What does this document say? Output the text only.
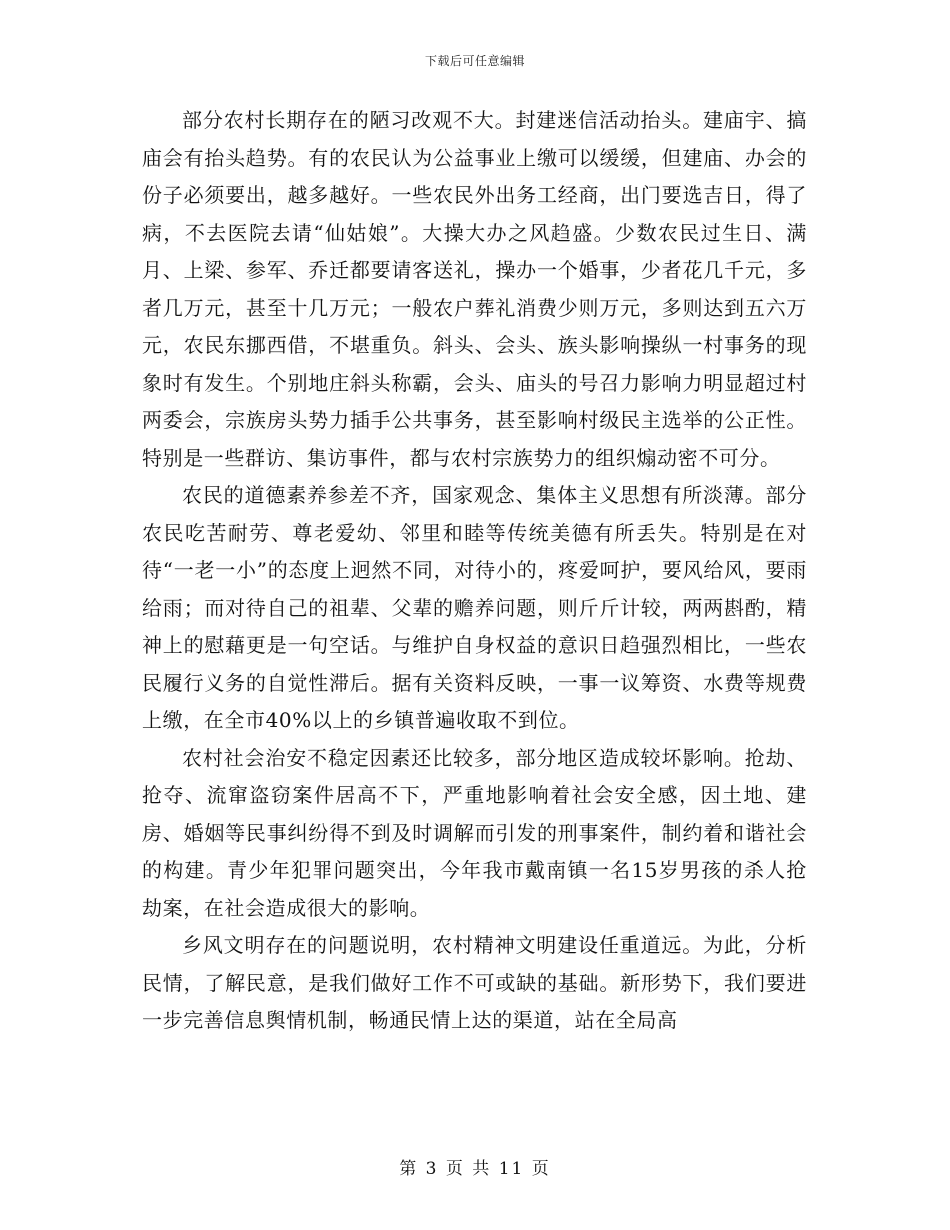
下载后可任意编辑

部分农村长期存在的陋习改观不大。封建迷信活动抬头。建庙宇、搞庙会有抬头趋势。有的农民认为公益事业上缴可以缓缓，但建庙、办会的份子必须要出，越多越好。一些农民外出务工经商，出门要选吉日，得了病，不去医院去请“仙姑娘”。大操大办之风趋盛。少数农民过生日、满月、上梁、参军、乔迁都要请客送礼，操办一个婚事，少者花几千元，多者几万元，甚至十几万元；一般农户葬礼消费少则万元，多则达到五六万元，农民东挪西借，不堪重负。斜头、会头、族头影响操纵一村事务的现象时有发生。个别地庄斜头称霸，会头、庙头的号召力影响力明显超过村两委会，宗族房头势力插手公共事务，甚至影响村级民主选举的公正性。特别是一些群访、集访事件，都与农村宗族势力的组织煽动密不可分。

农民的道德素养参差不齐，国家观念、集体主义思想有所淡薄。部分农民吃苦耐劳、尊老爱幼、邻里和睦等传统美德有所丢失。特别是在对待“一老一小”的态度上迥然不同，对待小的，疼爱呵护，要风给风，要雨给雨；而对待自己的祖辈、父辈的赡养问题，则斤斤计较，两两斟酌，精神上的慰藉更是一句空话。与维护自身权益的意识日趋强烈相比，一些农民履行义务的自觉性滞后。据有关资料反映，一事一议筹资、水费等规费上缴，在全市40%以上的乡镇普遍收取不到位。

农村社会治安不稳定因素还比较多，部分地区造成较坏影响。抢劫、抢夺、流窜盗窃案件居高不下，严重地影响着社会安全感，因土地、建房、婚姻等民事纠纷得不到及时调解而引发的刑事案件，制约着和谐社会的构建。青少年犯罪问题突出，今年我市戴南镇一名15岁男孩的杀人抢劫案，在社会造成很大的影响。

乡风文明存在的问题说明，农村精神文明建设任重道远。为此，分析民情，了解民意，是我们做好工作不可或缺的基础。新形势下，我们要进一步完善信息舆情机制，畅通民情上达的渠道，站在全局高

第 3 页 共 11 页
